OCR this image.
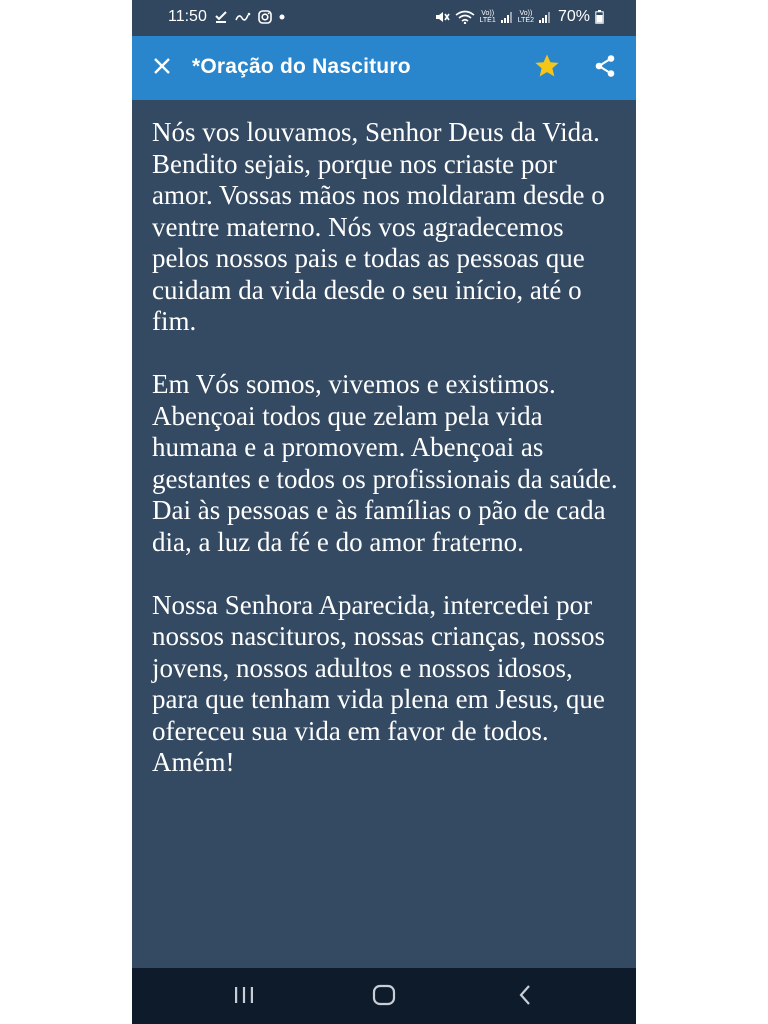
11:50	Vo))
LTE1
Vo))
LTE2 70%
*Oração do Nascituro

Nós vos louvamos, Senhor Deus da Vida. Bendito sejais, porque nos criaste por amor. Vossas mãos nos moldaram desde o ventre materno. Nós vos agradecemos pelos nossos pais e todas as pessoas que cuidam da vida desde o seu início, até o fim.

Em Vós somos, vivemos e existimos. Abençoai todos que zelam pela vida humana e a promovem. Abençoai as gestantes e todos os profissionais da saúde. Dai às pessoas e às famílias o pão de cada dia, a luz da fé e do amor fraterno.

Nossa Senhora Aparecida, intercedei por nossos nascituros, nossas crianças, nossos jovens, nossos adultos e nossos idosos, para que tenham vida plena em Jesus, que ofereceu sua vida em favor de todos.

Amém!
